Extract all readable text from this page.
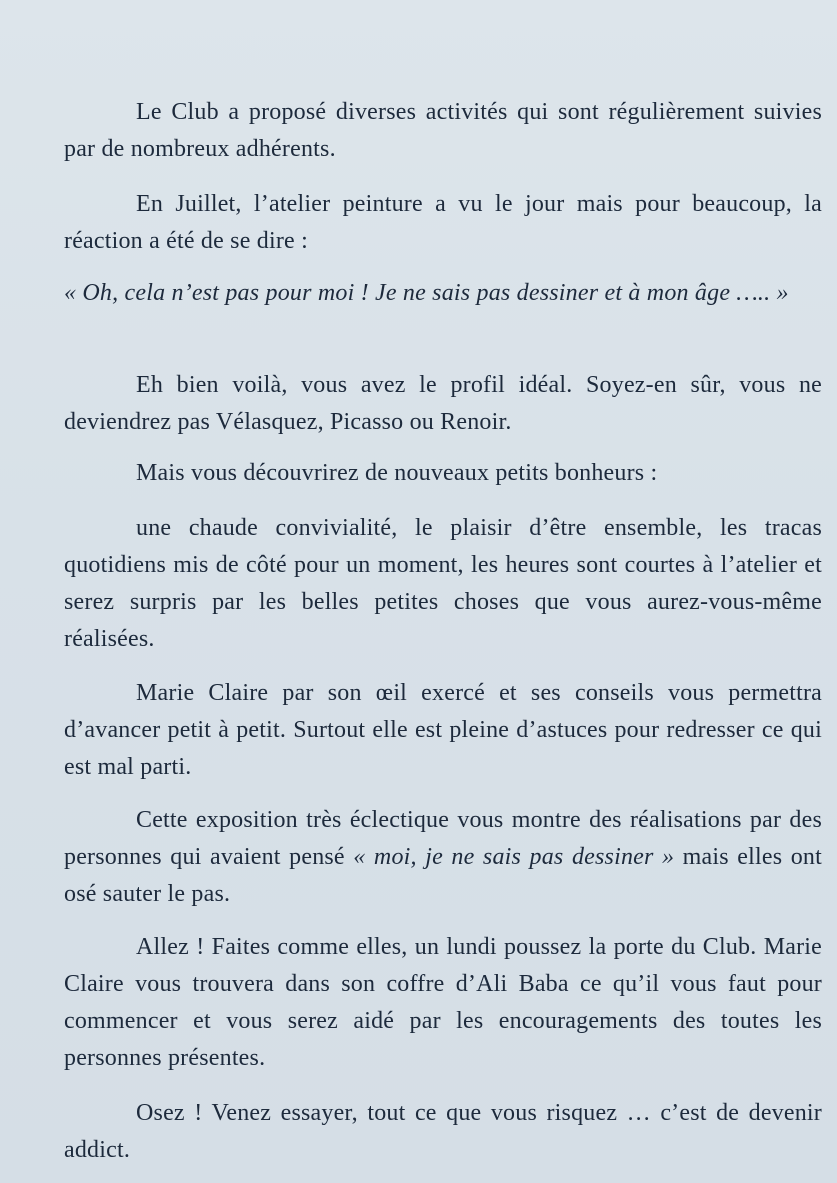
Le Club a proposé diverses activités qui sont régulièrement suivies par de nombreux adhérents.

En Juillet, l’atelier peinture a vu le jour mais pour beaucoup, la réaction a été de se dire :

« Oh, cela n’est pas pour moi ! Je ne sais pas dessiner et à mon âge ….. »

Eh bien voilà, vous avez le profil idéal. Soyez-en sûr, vous ne deviendrez pas Vélasquez, Picasso ou Renoir.

Mais vous découvrirez de nouveaux petits bonheurs :

une chaude convivialité, le plaisir d’être ensemble, les tracas quotidiens mis de côté pour un moment, les heures sont courtes à l’atelier et serez surpris par les belles petites choses que vous aurez-vous-même réalisées.

Marie Claire par son œil exercé et ses conseils vous permettra d’avancer petit à petit. Surtout elle est pleine d’astuces pour redresser ce qui est mal parti.

Cette exposition très éclectique vous montre des réalisations par des personnes qui avaient pensé « moi, je ne sais pas dessiner » mais elles ont osé sauter le pas.

Allez ! Faites comme elles, un lundi poussez la porte du Club. Marie Claire vous trouvera dans son coffre d’Ali Baba ce qu’il vous faut pour commencer et vous serez aidé par les encouragements des toutes les personnes présentes.

Osez ! Venez essayer, tout ce que vous risquez … c’est de devenir addict.
